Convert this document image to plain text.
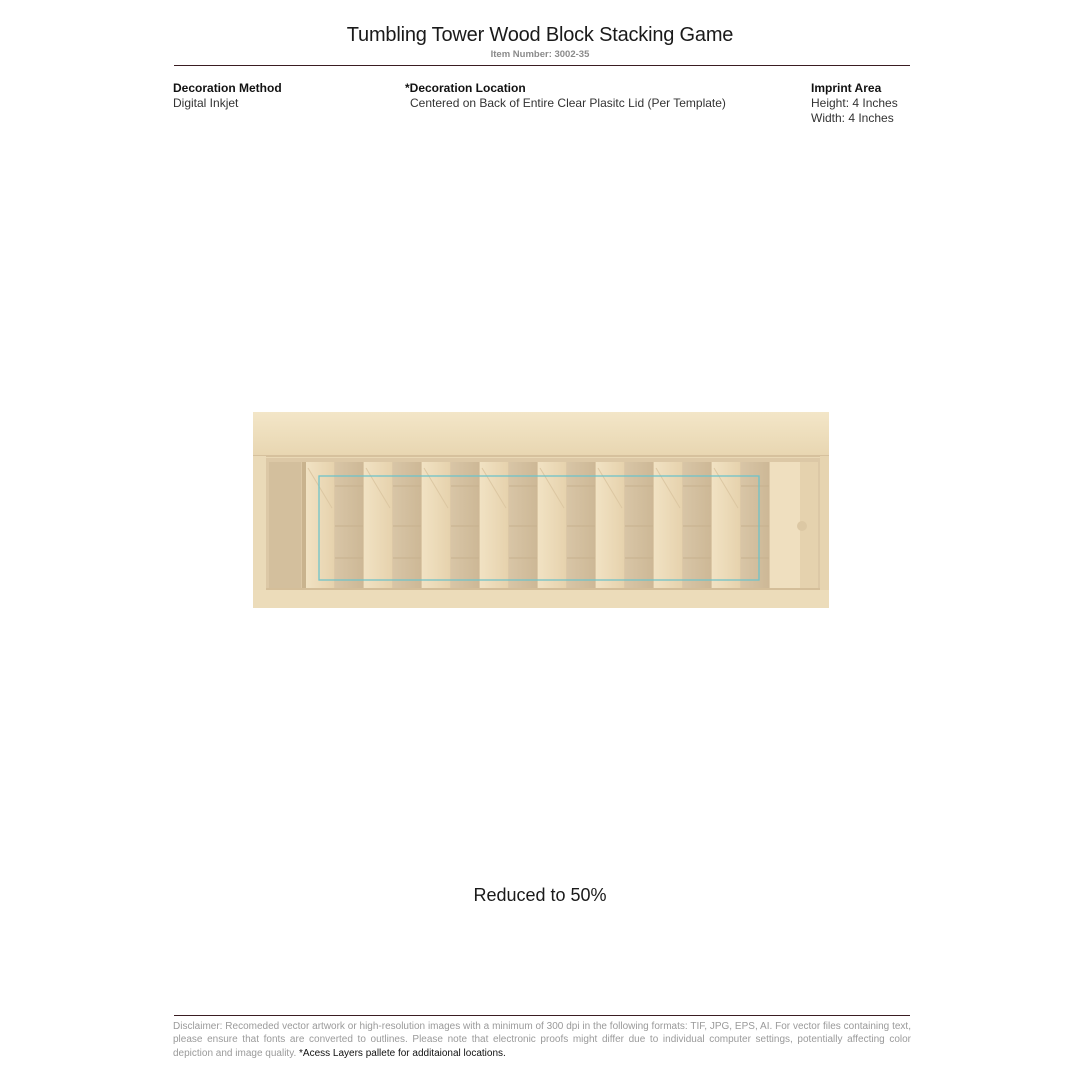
Tumbling Tower Wood Block Stacking Game
Item Number: 3002-35
Decoration Method
Digital Inkjet
*Decoration Location
Centered on Back of Entire Clear Plasitc Lid (Per Template)
Imprint Area
Height: 4 Inches
Width: 4 Inches
Reduced to 50%
Disclaimer: Recomeded vector artwork or high-resolution images with a minimum of 300 dpi in the following formats: TIF, JPG, EPS, AI. For vector files containing text, please ensure that fonts are converted to outlines. Please note that electronic proofs might differ due to individual computer settings, potentially affecting color depiction and image quality. *Acess Layers pallete for additaional locations.
